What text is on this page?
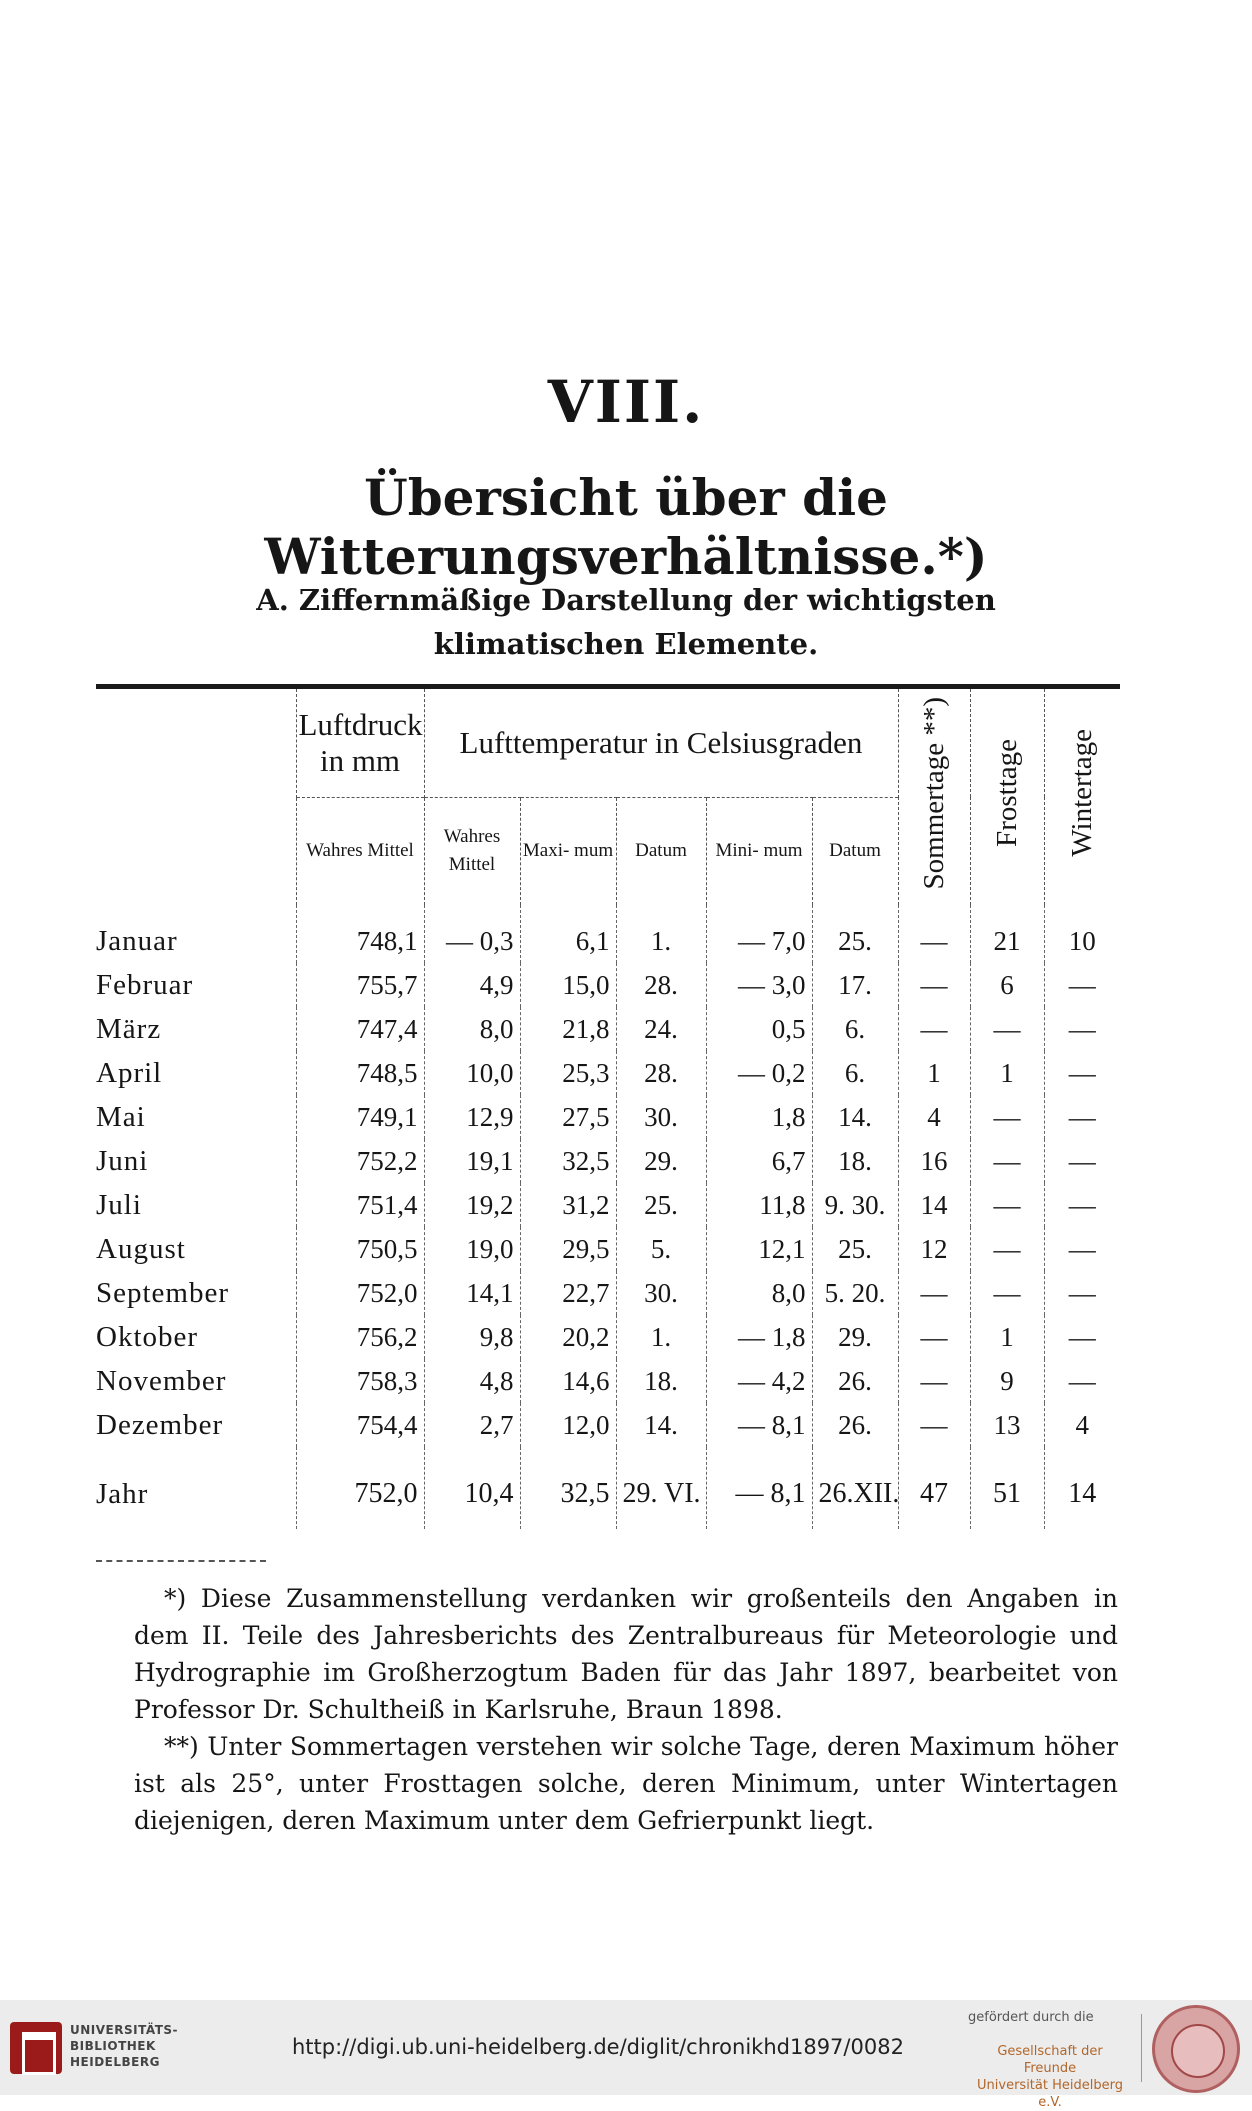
VIII.
Übersicht über die Witterungsverhältnisse.*)
A. Ziffernmäßige Darstellung der wichtigsten klimatischen Elemente.
	Luftdruck in mm	Lufttemperatur in Celsiusgraden					Sommertage **)	Frosttage	Wintertage
	Wahres Mittel	Wahres Mittel	Maxi- mum	Datum	Mini- mum	Datum			
Januar	748,1	— 0,3	6,1	1.	— 7,0	25.	—	21	10
Februar	755,7	4,9	15,0	28.	— 3,0	17.	—	6	—
März	747,4	8,0	21,8	24.	0,5	6.	—	—	—
April	748,5	10,0	25,3	28.	— 0,2	6.	1	1	—
Mai	749,1	12,9	27,5	30.	1,8	14.	4	—	—
Juni	752,2	19,1	32,5	29.	6,7	18.	16	—	—
Juli	751,4	19,2	31,2	25.	11,8	9. 30.	14	—	—
August	750,5	19,0	29,5	5.	12,1	25.	12	—	—
September	752,0	14,1	22,7	30.	8,0	5. 20.	—	—	—
Oktober	756,2	9,8	20,2	1.	— 1,8	29.	—	1	—
November	758,3	4,8	14,6	18.	— 4,2	26.	—	9	—
Dezember	754,4	2,7	12,0	14.	— 8,1	26.	—	13	4
Jahr	752,0	10,4	32,5	29. VI.	— 8,1	26.XII.	47	51	14

*) Diese Zusammenstellung verdanken wir großenteils den Angaben in dem II. Teile des Jahresberichts des Zentralbureaus für Meteorologie und Hydrographie im Großherzogtum Baden für das Jahr 1897, bearbeitet von Professor Dr. Schultheiß in Karlsruhe, Braun 1898.

**) Unter Sommertagen verstehen wir solche Tage, deren Maximum höher ist als 25°, unter Frosttagen solche, deren Minimum, unter Wintertagen diejenigen, deren Maximum unter dem Gefrierpunkt liegt.

UNIVERSITÄTS-
BIBLIOTHEK
HEIDELBERG
http://digi.ub.uni-heidelberg.de/diglit/chronikhd1897/0082
gefördert durch die
Gesellschaft der Freunde
Universität Heidelberg e.V.
